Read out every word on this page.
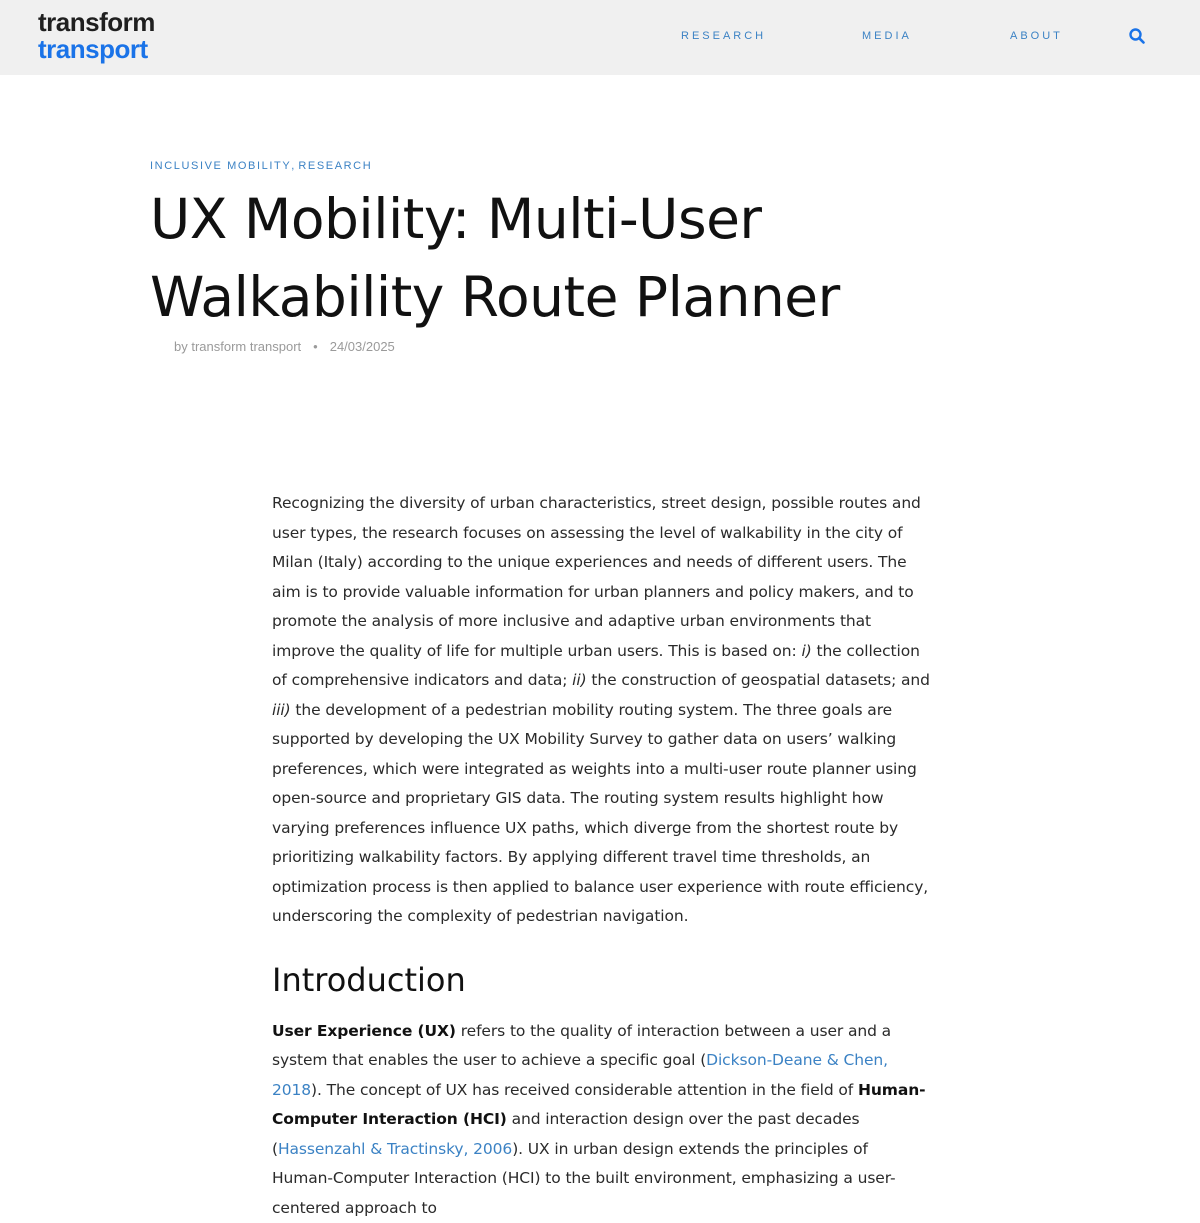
transform
transport	RESEARCH	MEDIA	ABOUT
INCLUSIVE MOBILITY, RESEARCH
UX Mobility: Multi-User Walkability Route Planner
by transform transport • 24/03/2025

Recognizing the diversity of urban characteristics, street design, possible routes and user types, the research focuses on assessing the level of walkability in the city of Milan (Italy) according to the unique experiences and needs of different users. The aim is to provide valuable information for urban planners and policy makers, and to promote the analysis of more inclusive and adaptive urban environments that improve the quality of life for multiple urban users. This is based on: i) the collection of comprehensive indicators and data; ii) the construction of geospatial datasets; and iii) the development of a pedestrian mobility routing system. The three goals are supported by developing the UX Mobility Survey to gather data on users’ walking preferences, which were integrated as weights into a multi-user route planner using open-source and proprietary GIS data. The routing system results highlight how varying preferences influence UX paths, which diverge from the shortest route by prioritizing walkability factors. By applying different travel time thresholds, an optimization process is then applied to balance user experience with route efficiency, underscoring the complexity of pedestrian navigation.

Introduction

User Experience (UX) refers to the quality of interaction between a user and a system that enables the user to achieve a specific goal (Dickson-Deane & Chen, 2018). The concept of UX has received considerable attention in the field of Human-Computer Interaction (HCI) and interaction design over the past decades (Hassenzahl & Tractinsky, 2006). UX in urban design extends the principles of Human-Computer Interaction (HCI) to the built environment, emphasizing a user-centered approach to
